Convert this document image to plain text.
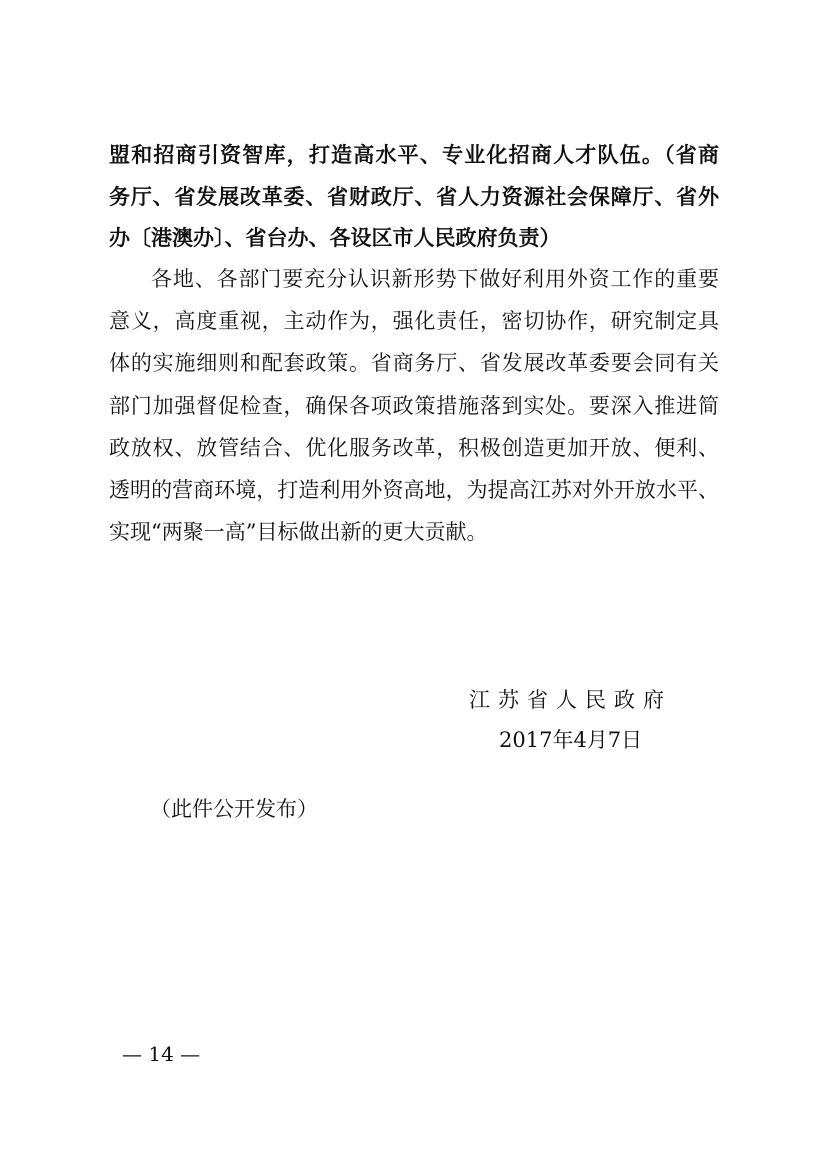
盟和招商引资智库，打造高水平、专业化招商人才队伍。（省商
务厅、省发展改革委、省财政厅、省人力资源社会保障厅、省外
办〔港澳办〕、省台办、各设区市人民政府负责）
各地、各部门要充分认识新形势下做好利用外资工作的重要
意义，高度重视，主动作为，强化责任，密切协作，研究制定具
体的实施细则和配套政策。省商务厅、省发展改革委要会同有关
部门加强督促检查，确保各项政策措施落到实处。要深入推进简
政放权、放管结合、优化服务改革，积极创造更加开放、便利、
透明的营商环境，打造利用外资高地，为提高江苏对外开放水平、
实现“两聚一高”目标做出新的更大贡献。
江苏省人民政府
2017年4月7日
（此件公开发布）
— 14 —
